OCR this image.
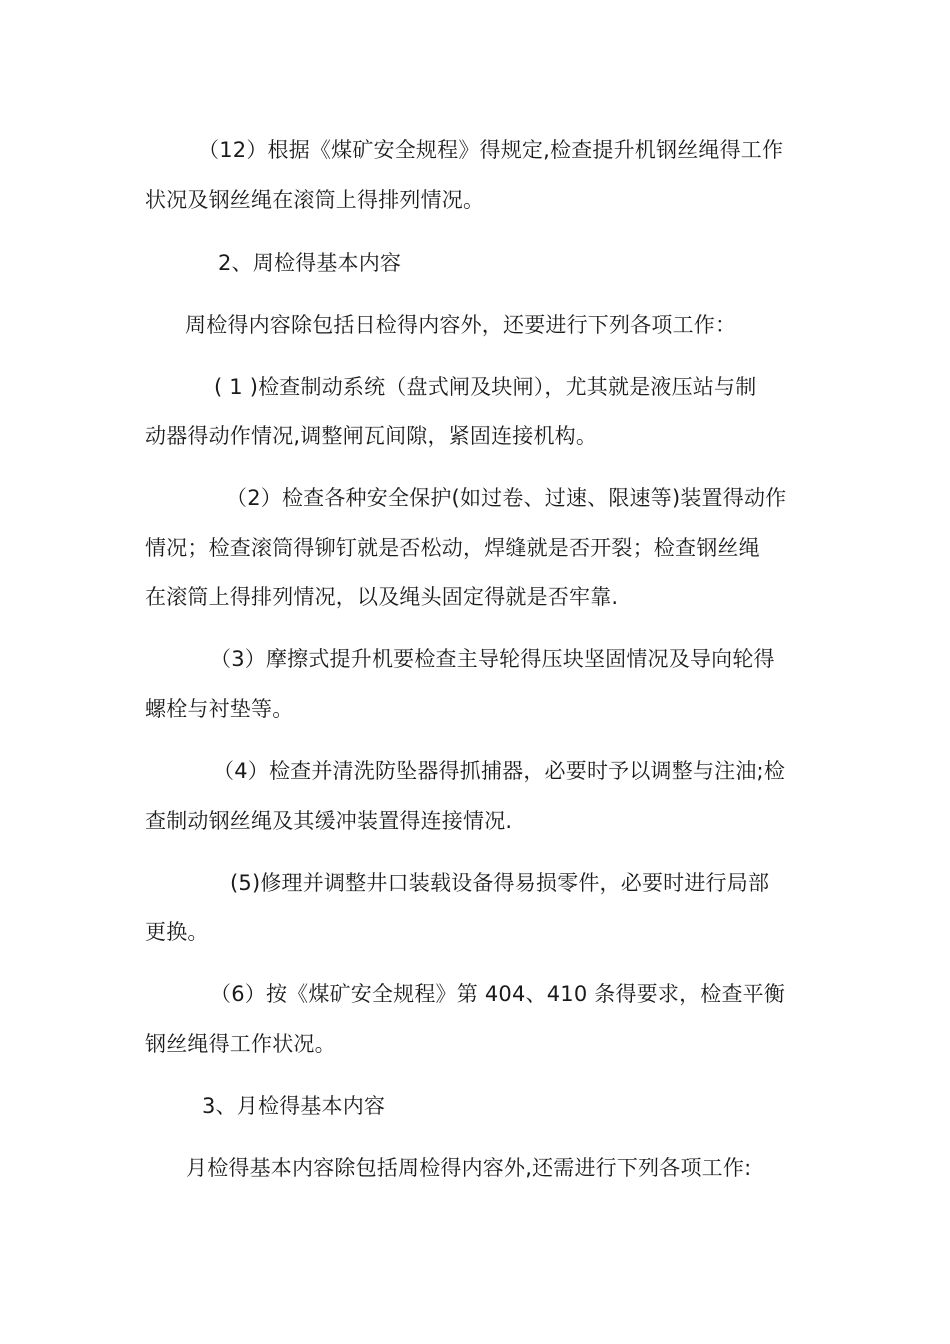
（12）根据《煤矿安全规程》得规定,检查提升机钢丝绳得工作
状况及钢丝绳在滚筒上得排列情况。
2、周检得基本内容
周检得内容除包括日检得内容外，还要进行下列各项工作：
( 1 )检查制动系统（盘式闸及块闸），尤其就是液压站与制
动器得动作情况,调整闸瓦间隙，紧固连接机构。
（2）检查各种安全保护(如过卷、过速、限速等)装置得动作
情况；检查滚筒得铆钉就是否松动，焊缝就是否开裂；检查钢丝绳
在滚筒上得排列情况，以及绳头固定得就是否牢靠.
（3）摩擦式提升机要检查主导轮得压块坚固情况及导向轮得
螺栓与衬垫等。
（4）检查并清洗防坠器得抓捕器，必要时予以调整与注油;检
查制动钢丝绳及其缓冲装置得连接情况.
(5)修理并调整井口装载设备得易损零件，必要时进行局部
更换。
（6）按《煤矿安全规程》第 404、410 条得要求，检查平衡
钢丝绳得工作状况。
3、月检得基本内容
月检得基本内容除包括周检得内容外,还需进行下列各项工作:
